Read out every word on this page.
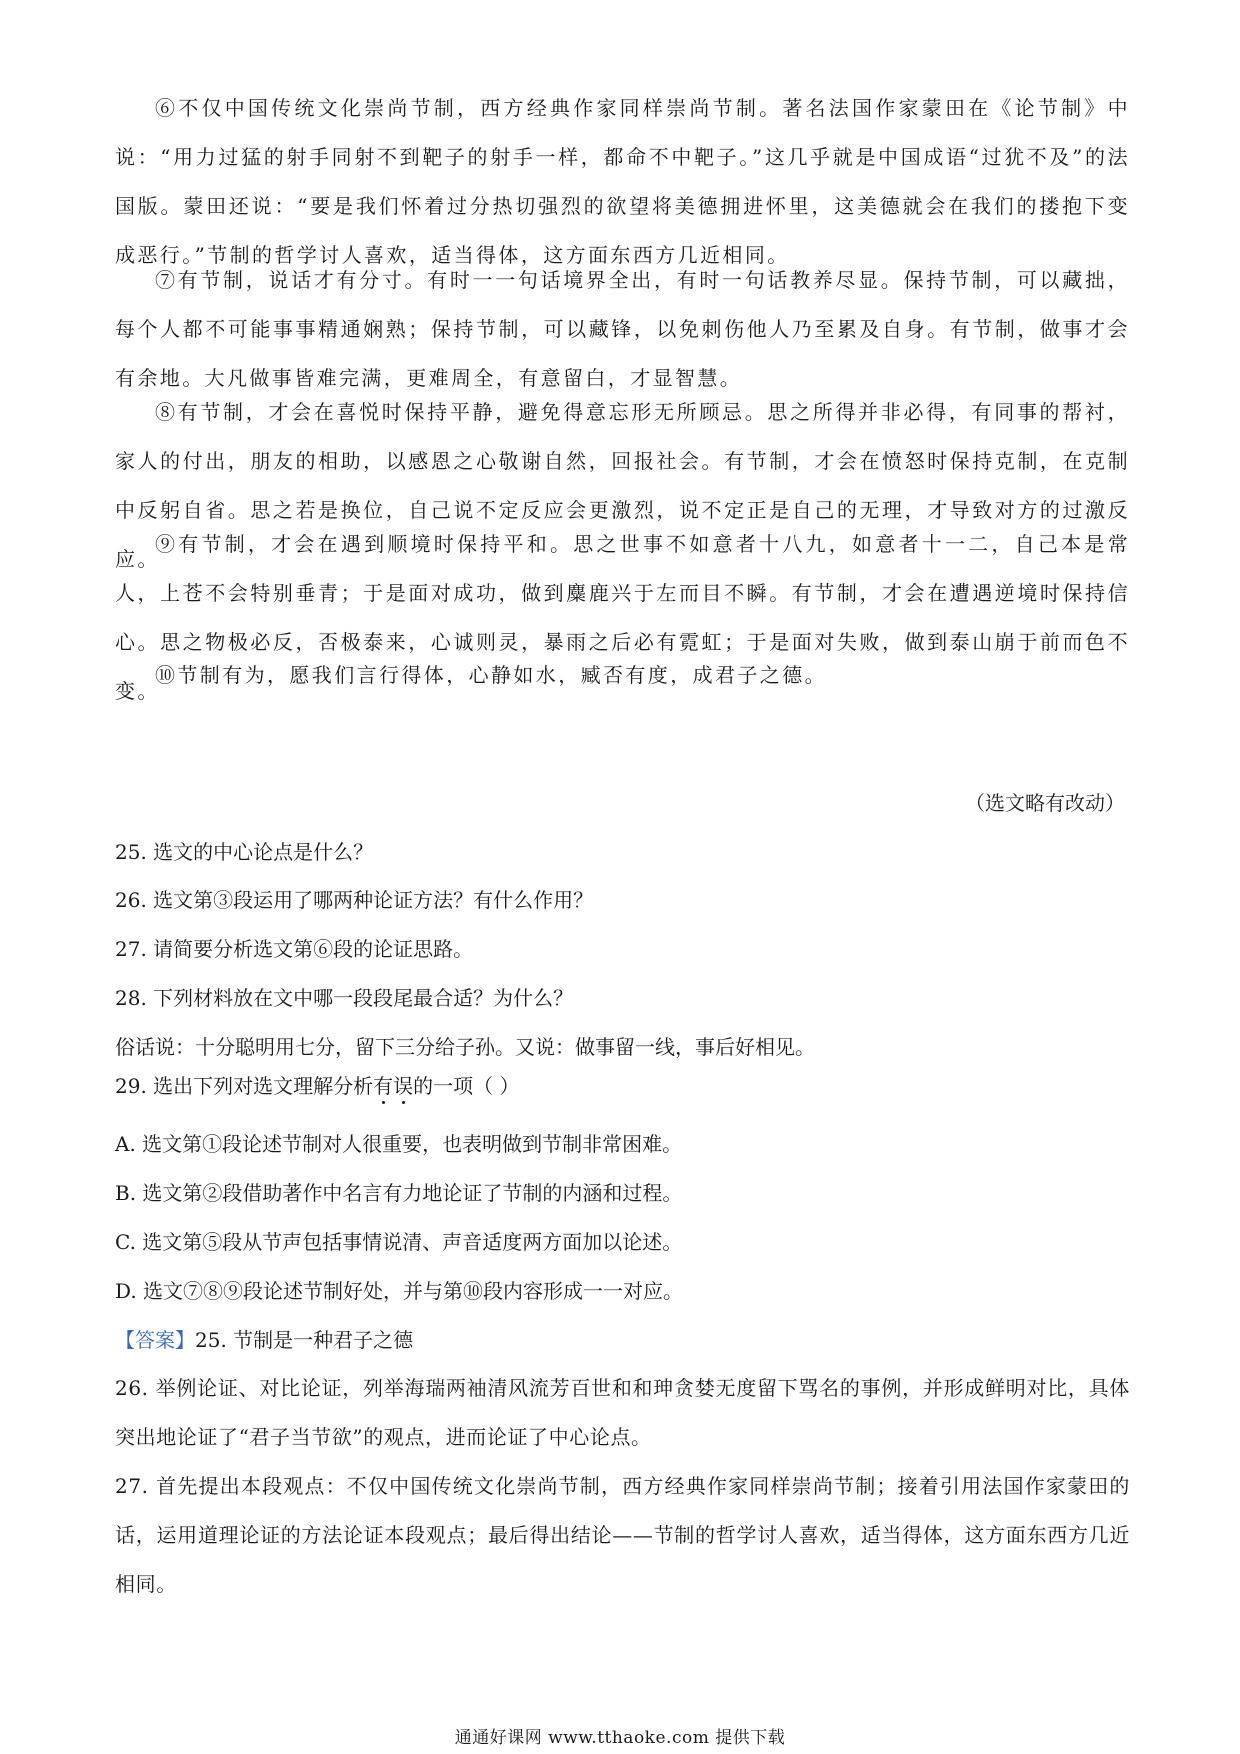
⑥不仅中国传统文化崇尚节制，西方经典作家同样崇尚节制。著名法国作家蒙田在《论节制》中说：“用力过猛的射手同射不到靶子的射手一样，都命不中靶子。”这几乎就是中国成语“过犹不及”的法国版。蒙田还说：“要是我们怀着过分热切强烈的欲望将美德拥进怀里，这美德就会在我们的搂抱下变成恶行。”节制的哲学讨人喜欢，适当得体，这方面东西方几近相同。

⑦有节制，说话才有分寸。有时一一句话境界全出，有时一句话教养尽显。保持节制，可以藏拙，每个人都不可能事事精通娴熟；保持节制，可以藏锋，以免刺伤他人乃至累及自身。有节制，做事才会有余地。大凡做事皆难完满，更难周全，有意留白，才显智慧。

⑧有节制，才会在喜悦时保持平静，避免得意忘形无所顾忌。思之所得并非必得，有同事的帮衬，家人的付出，朋友的相助，以感恩之心敬谢自然，回报社会。有节制，才会在愤怒时保持克制，在克制中反躬自省。思之若是换位，自己说不定反应会更激烈，说不定正是自己的无理，才导致对方的过激反应。

⑨有节制，才会在遇到顺境时保持平和。思之世事不如意者十八九，如意者十一二，自己本是常人，上苍不会特别垂青；于是面对成功，做到麋鹿兴于左而目不瞬。有节制，才会在遭遇逆境时保持信心。思之物极必反，否极泰来，心诚则灵，暴雨之后必有霓虹；于是面对失败，做到泰山崩于前而色不变。

⑩节制有为，愿我们言行得体，心静如水，臧否有度，成君子之德。

（选文略有改动）

25. 选文的中心论点是什么？

26. 选文第③段运用了哪两种论证方法？有什么作用？

27. 请简要分析选文第⑥段的论证思路。

28. 下列材料放在文中哪一段段尾最合适？为什么？

俗话说：十分聪明用七分，留下三分给子孙。又说：做事留一线，事后好相见。

29. 选出下列对选文理解分析有误的一项（ ）

A. 选文第①段论述节制对人很重要，也表明做到节制非常困难。

B. 选文第②段借助著作中名言有力地论证了节制的内涵和过程。

C. 选文第⑤段从节声包括事情说清、声音适度两方面加以论述。

D. 选文⑦⑧⑨段论述节制好处，并与第⑩段内容形成一一对应。

【答案】25. 节制是一种君子之德

26. 举例论证、对比论证，列举海瑞两袖清风流芳百世和和珅贪婪无度留下骂名的事例，并形成鲜明对比，具体突出地论证了“君子当节欲”的观点，进而论证了中心论点。

27. 首先提出本段观点：不仅中国传统文化崇尚节制，西方经典作家同样崇尚节制；接着引用法国作家蒙田的话，运用道理论证的方法论证本段观点；最后得出结论——节制的哲学讨人喜欢，适当得体，这方面东西方几近相同。

通通好课网 www.tthaoke.com 提供下载
